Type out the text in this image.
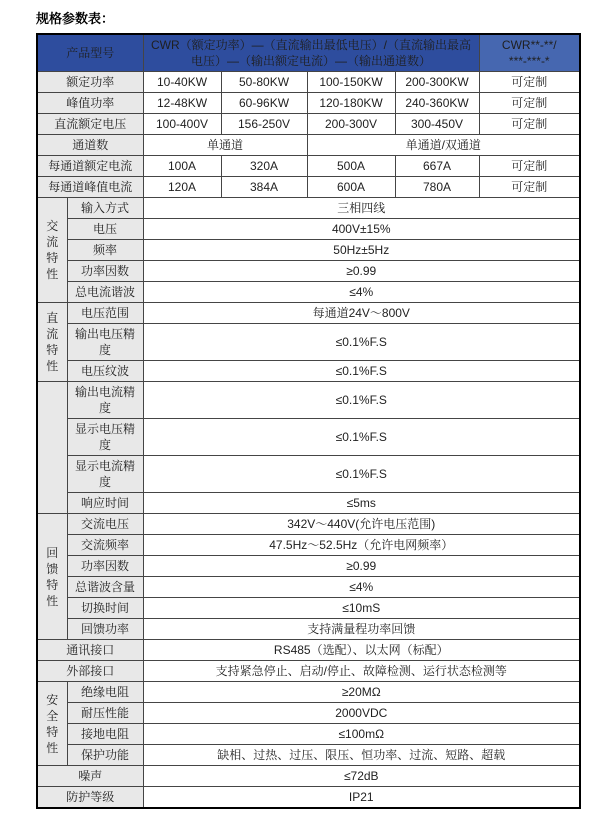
规格参数表：
产品型号		CWR（额定功率）—（直流输出最低电压）/（直流输出最高电压）—（输出额定电流）—（输出通道数）				CWR**-**/
***-***-*

额定功率		10-40KW	50-80KW	100-150KW	200-300KW	可定制
峰值功率		12-48KW	60-96KW	120-180KW	240-360KW	可定制
直流额定电压		100-400V	156-250V	200-300V	300-450V	可定制
通道数		单通道		单通道/双通道		
每通道额定电流		100A	320A	500A	667A	可定制
每通道峰值电流		120A	384A	600A	780A	可定制
交流特性	输入方式	三相四线				
	电压	400V±15%				
	频率	50Hz±5Hz				
	功率因数	≥0.99				
	总电流谐波	≤4%				
直流特性	电压范围	每通道24V～800V				
	输出电压精度	≤0.1%F.S				
	电压纹波	≤0.1%F.S				
	输出电流精度	≤0.1%F.S				
	显示电压精度	≤0.1%F.S				
	显示电流精度	≤0.1%F.S				
	响应时间	≤5ms				
回馈特性	交流电压	342V～440V(允许电压范围)				
	交流频率	47.5Hz～52.5Hz（允许电网频率）				
	功率因数	≥0.99				
	总谐波含量	≤4%				
	切换时间	≤10mS				
	回馈功率	支持满量程功率回馈				
通讯接口		RS485（选配）、以太网（标配）				
外部接口		支持紧急停止、启动/停止、故障检测、运行状态检测等				
安全特性	绝缘电阻	≥20MΩ				
	耐压性能	2000VDC				
	接地电阻	≤100mΩ				
	保护功能	缺相、过热、过压、限压、恒功率、过流、短路、超载				
噪声		≤72dB				
防护等级		IP21				
